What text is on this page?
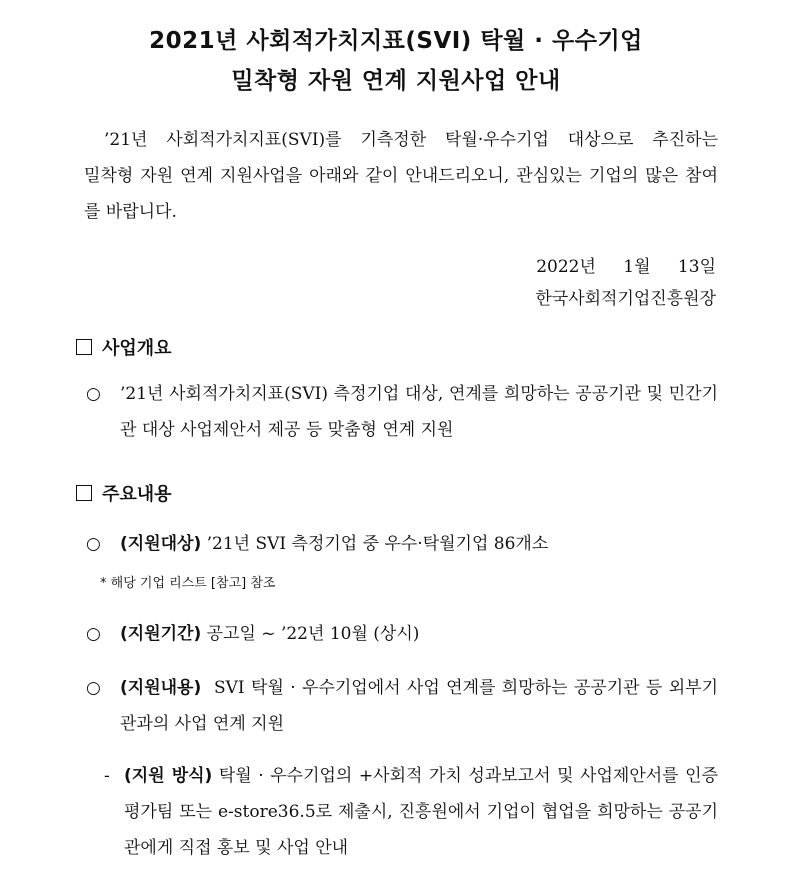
2021년 사회적가치지표(SVI) 탁월 · 우수기업
밀착형 자원 연계 지원사업 안내
’21년 사회적가치지표(SVI)를 기측정한 탁월·우수기업 대상으로 추진하는
밀착형 자원 연계 지원사업을 아래와 같이 안내드리오니, 관심있는 기업의 많은 참여를 바랍니다.
2022년 1월 13일
한국사회적기업진흥원장
사업개요
○	’21년 사회적가치지표(SVI) 측정기업 대상, 연계를 희망하는 공공기관 및 민간기관 대상 사업제안서 제공 등 맞춤형 연계 지원
주요내용
○	(지원대상) ’21년 SVI 측정기업 중 우수·탁월기업 86개소
* 해당 기업 리스트 [참고] 참조
○	(지원기간) 공고일 ~ ’22년 10월 (상시)
○	(지원내용) SVI 탁월 · 우수기업에서 사업 연계를 희망하는 공공기관 등 외부기관과의 사업 연계 지원
- (지원 방식) 탁월 · 우수기업의 +사회적 가치 성과보고서 및 사업제안서를 인증평가팀 또는 e-store36.5로 제출시, 진흥원에서 기업이 협업을 희망하는 공공기관에게 직접 홍보 및 사업 안내
